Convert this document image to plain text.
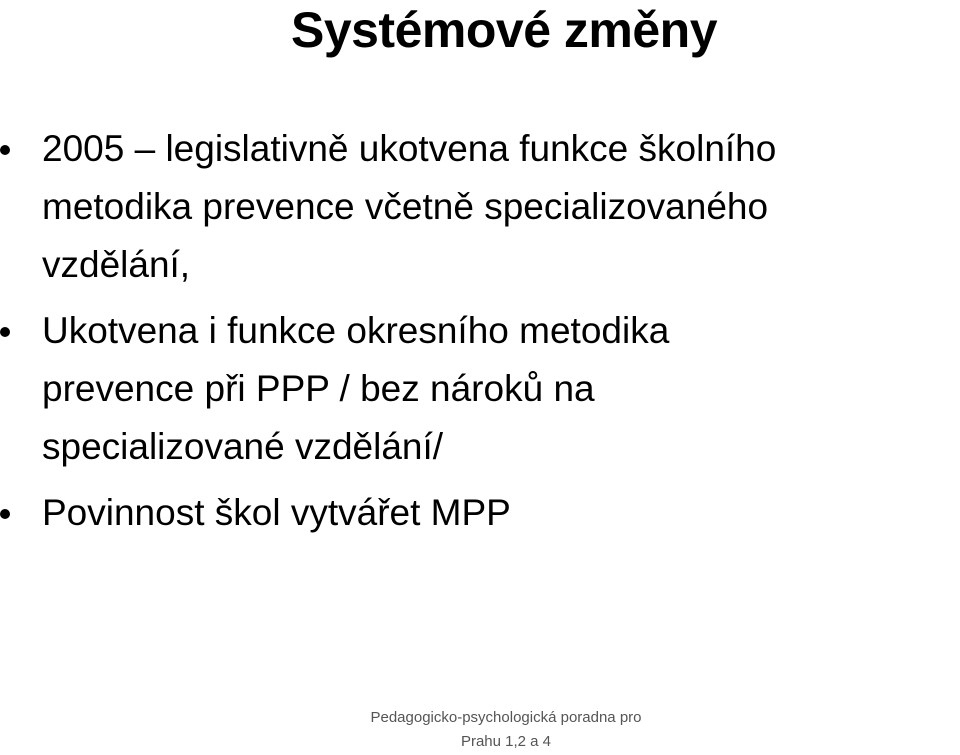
Systémové změny
2005 – legislativně ukotvena funkce školního
metodika prevence včetně specializovaného
vzdělání,
Ukotvena i funkce okresního metodika
prevence při PPP / bez nároků na
specializované vzdělání/
Povinnost škol vytvářet MPP
Pedagogicko-psychologická poradna pro
Prahu 1,2 a 4
